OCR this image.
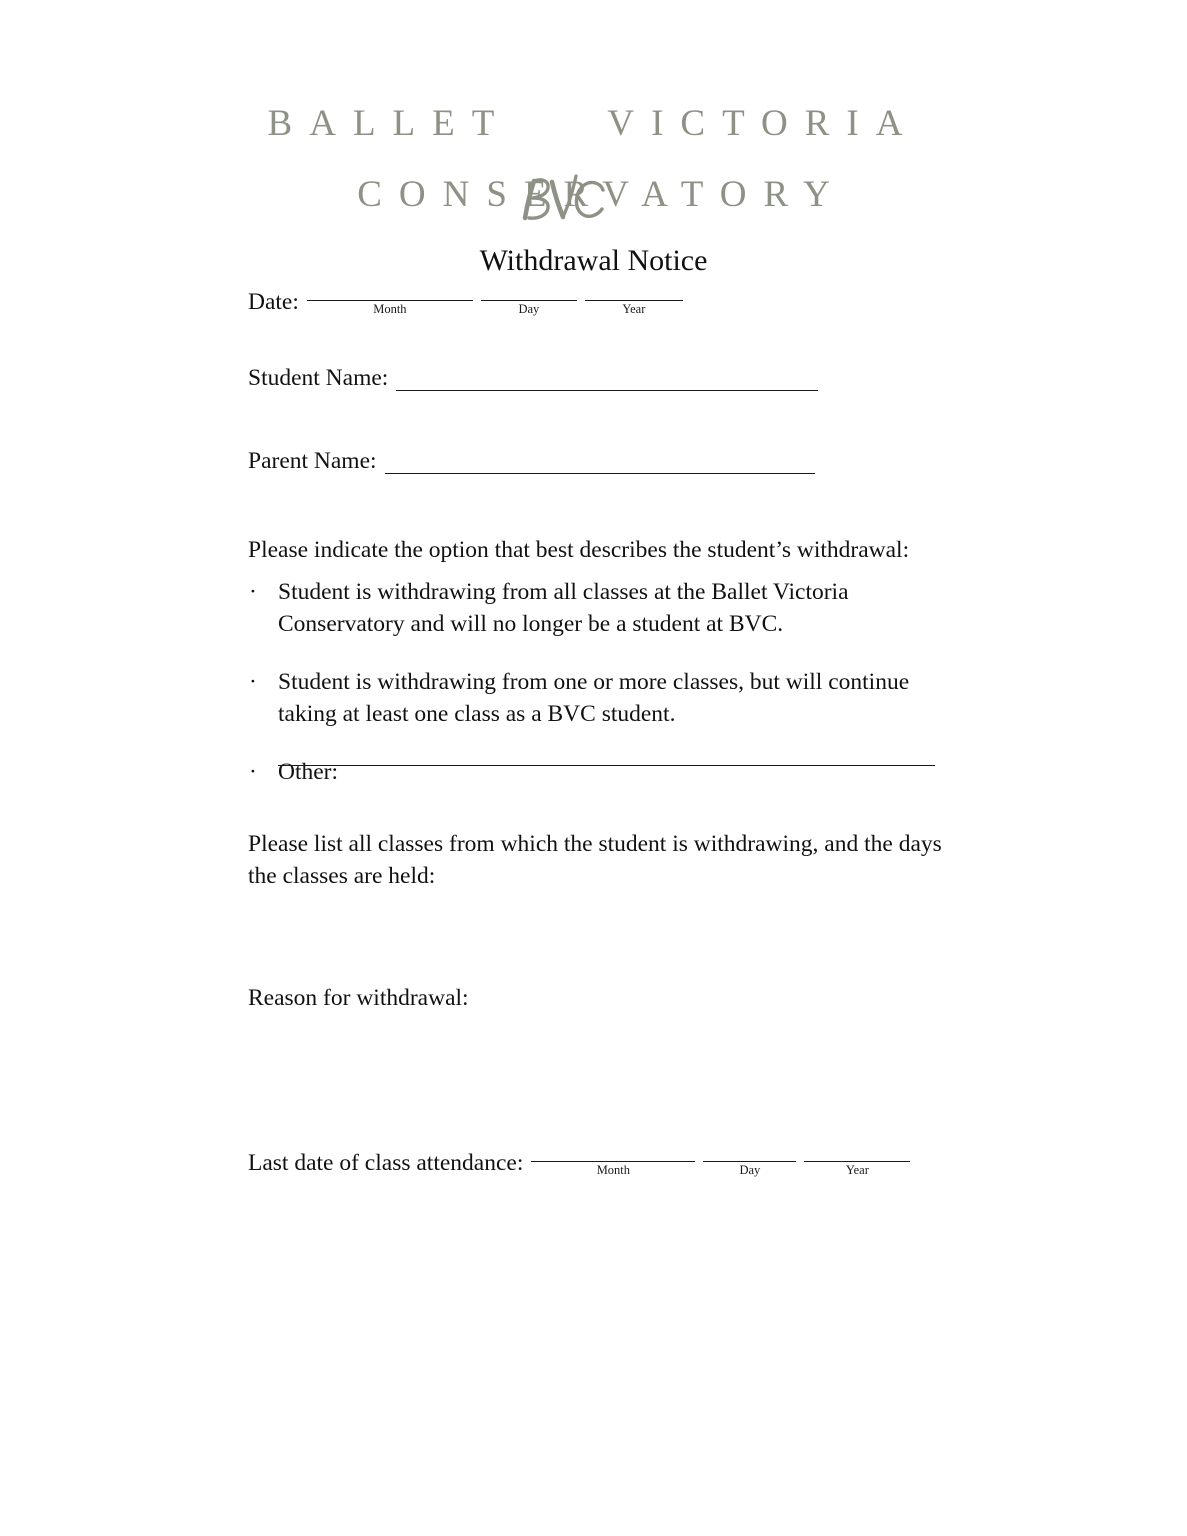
BALLET

	VICTORIA
CONSERVATORY
Withdrawal Notice
Date:	Month	Day	Year
Student Name:
Parent Name:
Please indicate the option that best describes the student’s withdrawal:
· Student is withdrawing from all classes at the Ballet Victoria Conservatory and will no longer be a student at BVC.
· Student is withdrawing from one or more classes, but will continue taking at least one class as a BVC student.
· Other:
Please list all classes from which the student is withdrawing, and the days the classes are held:
Reason for withdrawal:
Last date of class attendance:	Month	Day	Year
